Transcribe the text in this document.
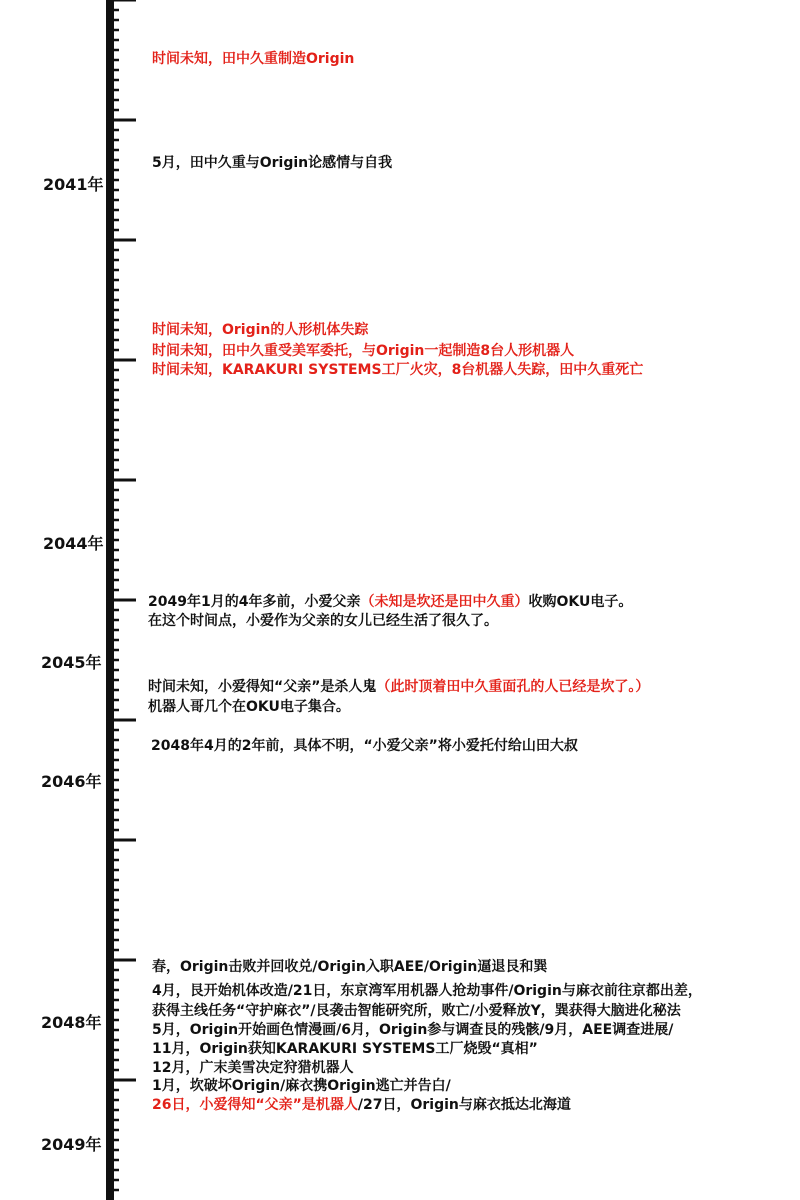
2041年
2044年
2045年
2046年
2048年
2049年
时间未知，田中久重制造Origin
5月，田中久重与Origin论感情与自我
时间未知，Origin的人形机体失踪
时间未知，田中久重受美军委托，与Origin一起制造8台人形机器人
时间未知，KARAKURI SYSTEMS工厂火灾，8台机器人失踪，田中久重死亡
2049年1月的4年多前，小爱父亲（未知是坎还是田中久重）收购OKU电子。
在这个时间点，小爱作为父亲的女儿已经生活了很久了。
时间未知，小爱得知“父亲”是杀人鬼（此时顶着田中久重面孔的人已经是坎了。）
机器人哥几个在OKU电子集合。
2048年4月的2年前，具体不明，“小爱父亲”将小爱托付给山田大叔
春，Origin击败并回收兑/Origin入职AEE/Origin逼退艮和巽
4月，艮开始机体改造/21日，东京湾军用机器人抢劫事件/Origin与麻衣前往京都出差，
获得主线任务“守护麻衣”/艮袭击智能研究所，败亡/小爱释放Y，巽获得大脑进化秘法
5月，Origin开始画色情漫画/6月，Origin参与调查艮的残骸/9月，AEE调查进展/
11月，Origin获知KARAKURI SYSTEMS工厂烧毁“真相”
12月，广末美雪决定狩猎机器人
1月，坎破坏Origin/麻衣携Origin逃亡并告白/
26日，小爱得知“父亲”是机器人/27日，Origin与麻衣抵达北海道
